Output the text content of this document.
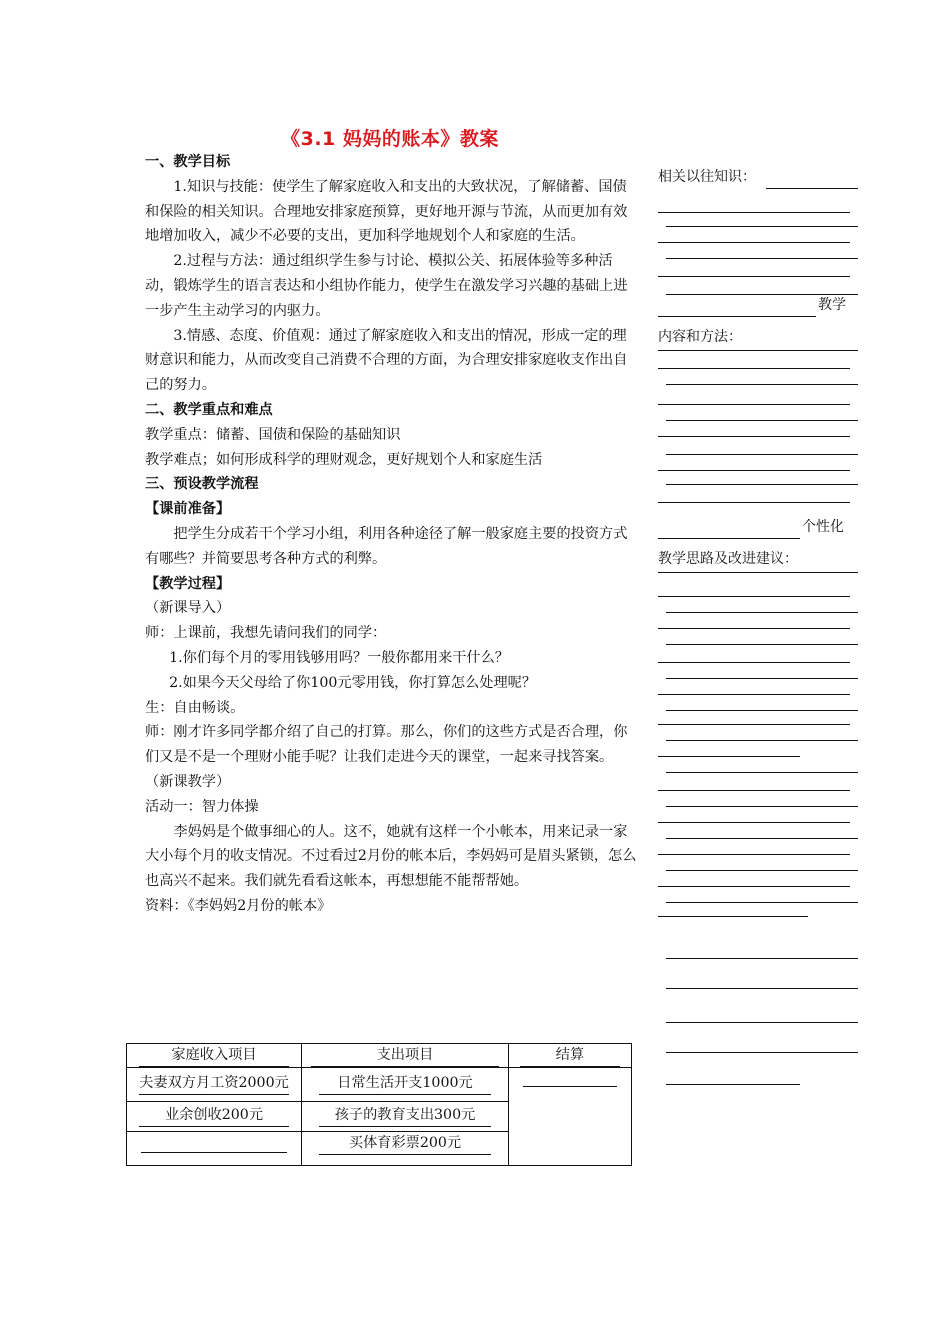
《3.1 妈妈的账本》教案

一、教学目标

1.知识与技能：使学生了解家庭收入和支出的大致状况，了解储蓄、国债和保险的相关知识。合理地安排家庭预算，更好地开源与节流，从而更加有效地增加收入，减少不必要的支出，更加科学地规划个人和家庭的生活。

2.过程与方法：通过组织学生参与讨论、模拟公关、拓展体验等多种活动，锻炼学生的语言表达和小组协作能力，使学生在激发学习兴趣的基础上进一步产生主动学习的内驱力。

3.情感、态度、价值观：通过了解家庭收入和支出的情况，形成一定的理财意识和能力，从而改变自己消费不合理的方面，为合理安排家庭收支作出自己的努力。

二、教学重点和难点

教学重点：储蓄、国债和保险的基础知识

教学难点；如何形成科学的理财观念，更好规划个人和家庭生活

三、预设教学流程

【课前准备】

把学生分成若干个学习小组，利用各种途径了解一般家庭主要的投资方式有哪些？并简要思考各种方式的利弊。

【教学过程】

（新课导入）

师：上课前，我想先请问我们的同学：

1.你们每个月的零用钱够用吗？一般你都用来干什么？

2.如果今天父母给了你100元零用钱，你打算怎么处理呢？

生：自由畅谈。

师：刚才许多同学都介绍了自己的打算。那么，你们的这些方式是否合理，你们又是不是一个理财小能手呢？让我们走进今天的课堂，一起来寻找答案。

（新课教学）

活动一：智力体操

李妈妈是个做事细心的人。这不，她就有这样一个小帐本，用来记录一家大小每个月的收支情况。不过看过2月份的帐本后，李妈妈可是眉头紧锁，怎么也高兴不起来。我们就先看看这帐本，再想想能不能帮帮她。

资料：《李妈妈2月份的帐本》

相关以往知识：
教学
内容和方法：
个性化
教学思路及改进建议：
家庭收入项目	支出项目	结算
夫妻双方月工资2000元	日常生活开支1000元	

业余创收200元	孩子的教育支出300元	

	买体育彩票200元	
